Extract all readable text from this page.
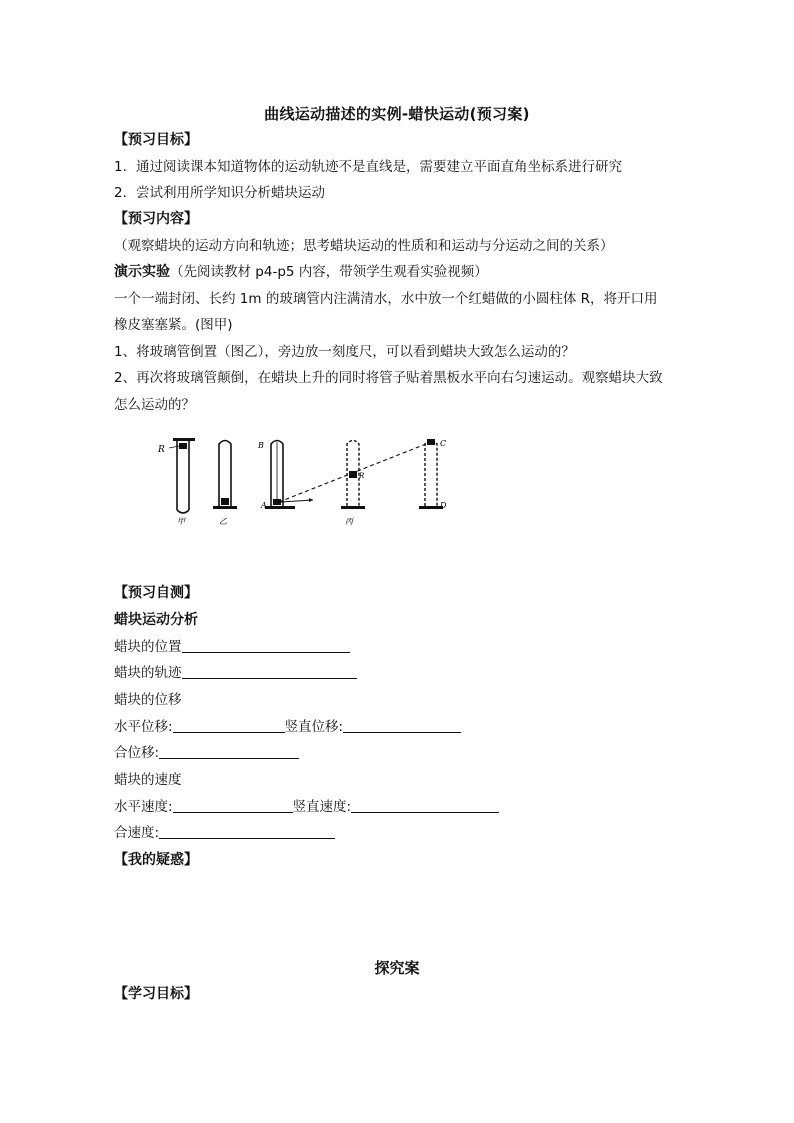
曲线运动描述的实例-蜡快运动(预习案)
【预习目标】
1. 通过阅读课本知道物体的运动轨迹不是直线是，需要建立平面直角坐标系进行研究
2. 尝试利用所学知识分析蜡块运动
【预习内容】
（观察蜡块的运动方向和轨迹；思考蜡块运动的性质和和运动与分运动之间的关系）
演示实验（先阅读教材 p4-p5 内容，带领学生观看实验视频）
一个一端封闭、长约 1m 的玻璃管内注满清水，水中放一个红蜡做的小圆柱体 R，将开口用
橡皮塞塞紧。(图甲)
1、将玻璃管倒置（图乙），旁边放一刻度尺，可以看到蜡块大致怎么运动的？
2、再次将玻璃管颠倒，在蜡块上升的同时将管子贴着黑板水平向右匀速运动。观察蜡块大致
怎么运动的？
R
甲	乙
B
A
R
丙
C
D
【预习自测】
蜡块运动分析
蜡块的位置
蜡块的轨迹
蜡块的位移
水平位移:	竖直位移:
合位移:
蜡块的速度
水平速度:	竖直速度:
合速度:
【我的疑惑】
探究案
【学习目标】
